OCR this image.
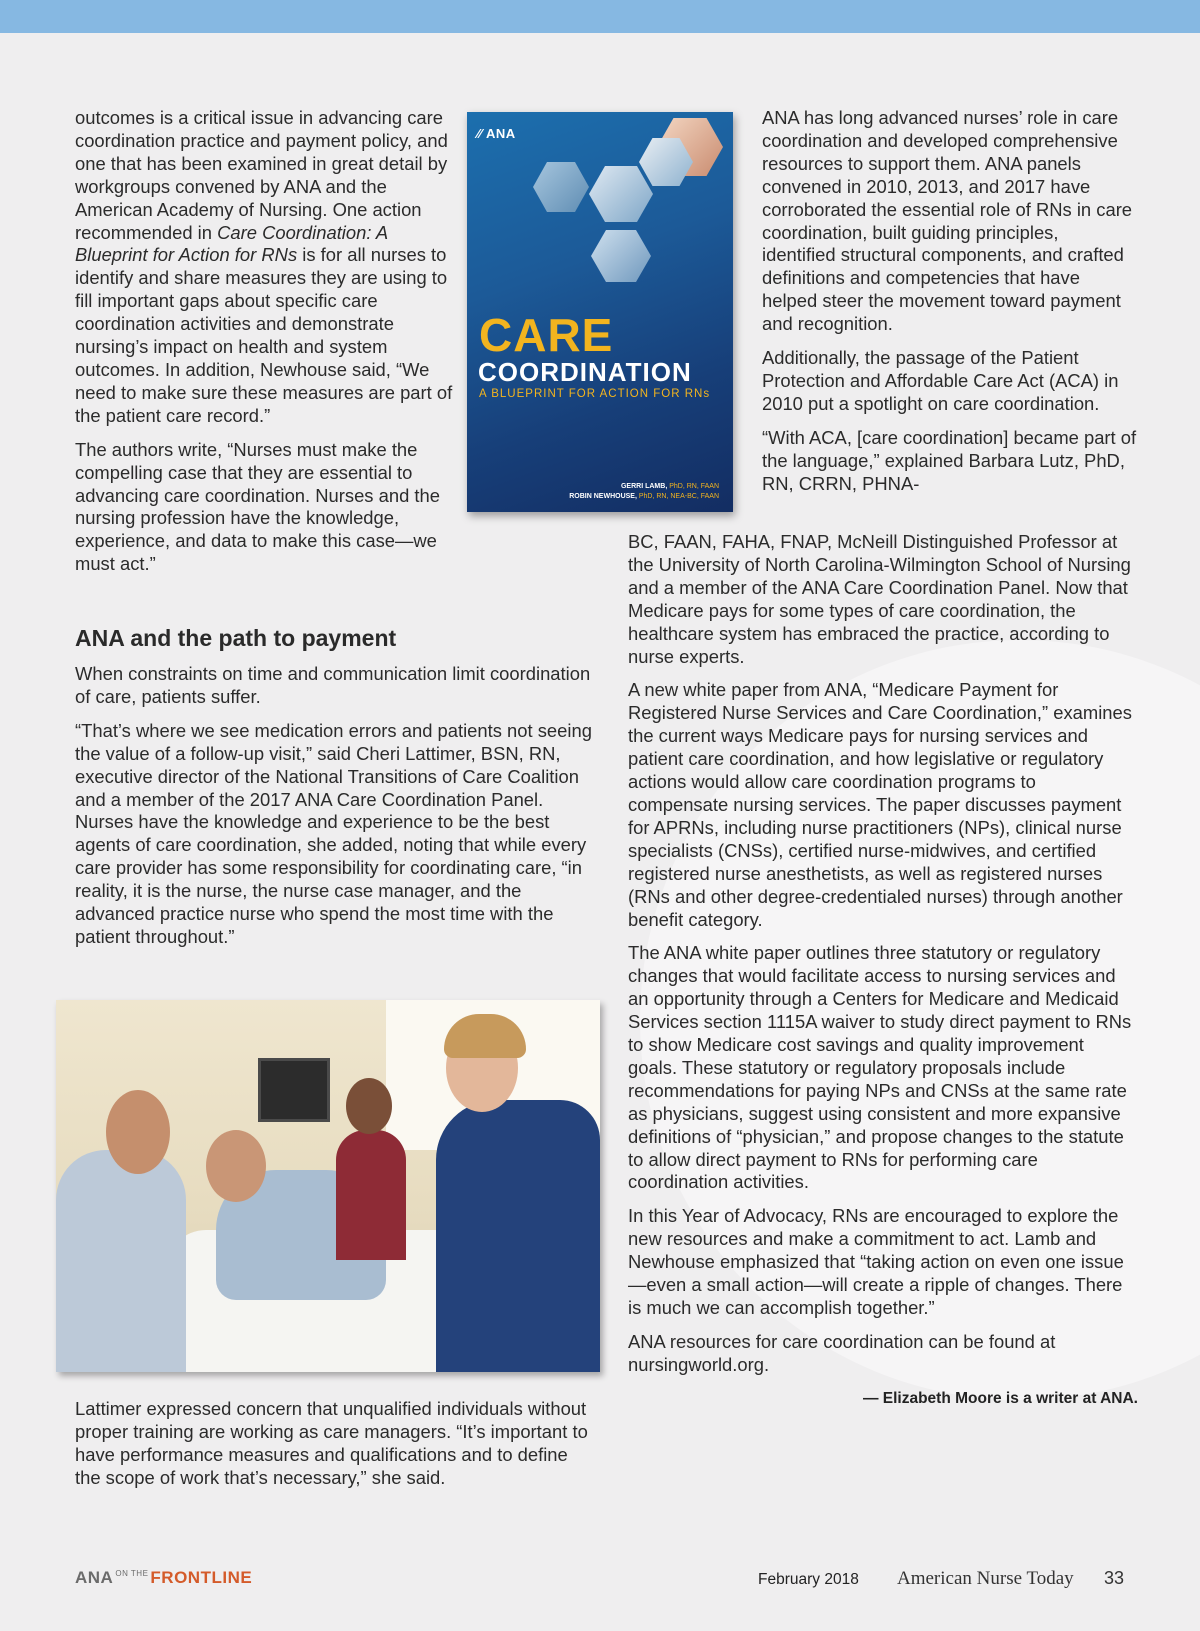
outcomes is a critical issue in advancing care coordination practice and payment policy, and one that has been examined in great detail by workgroups convened by ANA and the American Academy of Nursing. One action recommended in Care Coordination: A Blueprint for Action for RNs is for all nurses to identify and share measures they are using to fill important gaps about specific care coordination activities and demonstrate nursing’s impact on health and system outcomes. In addition, Newhouse said, “We need to make sure these measures are part of the patient care record.”

The authors write, “Nurses must make the compelling case that they are essential to advancing care coordination. Nurses and the nursing profession have the knowledge, experience, and data to make this case—we must act.”

⁄⁄ ANA
CARE
COORDINATION
A BLUEPRINT FOR ACTION FOR RNs
GERRI LAMB, PhD, RN, FAAN
ROBIN NEWHOUSE, PhD, RN, NEA-BC, FAAN

ANA has long advanced nurses’ role in care coordination and developed comprehensive resources to support them. ANA panels convened in 2010, 2013, and 2017 have corroborated the essential role of RNs in care coordination, built guiding principles, identified structural components, and crafted definitions and competencies that have helped steer the movement toward payment and recognition.

Additionally, the passage of the Patient Protection and Affordable Care Act (ACA) in 2010 put a spotlight on care coordination.

“With ACA, [care coordination] became part of the language,” explained Barbara Lutz, PhD, RN, CRRN, PHNA-

BC, FAAN, FAHA, FNAP, McNeill Distinguished Professor at the University of North Carolina-Wilmington School of Nursing and a member of the ANA Care Coordination Panel. Now that Medicare pays for some types of care coordination, the healthcare system has embraced the practice, according to nurse experts.

A new white paper from ANA, “Medicare Payment for Registered Nurse Services and Care Coordination,” examines the current ways Medicare pays for nursing services and patient care coordination, and how legislative or regulatory actions would allow care coordination programs to compensate nursing services. The paper discusses payment for APRNs, including nurse practitioners (NPs), clinical nurse specialists (CNSs), certified nurse-midwives, and certified registered nurse anesthetists, as well as registered nurses (RNs and other degree-credentialed nurses) through another benefit category.

The ANA white paper outlines three statutory or regulatory changes that would facilitate access to nursing services and an opportunity through a Centers for Medicare and Medicaid Services section 1115A waiver to study direct payment to RNs to show Medicare cost savings and quality improvement goals. These statutory or regulatory proposals include recommendations for paying NPs and CNSs at the same rate as physicians, suggest using consistent and more expansive definitions of “physician,” and propose changes to the statute to allow direct payment to RNs for performing care coordination activities.

In this Year of Advocacy, RNs are encouraged to explore the new resources and make a commitment to act. Lamb and Newhouse emphasized that “taking action on even one issue—even a small action—will create a ripple of changes. There is much we can accomplish together.”

ANA resources for care coordination can be found at nursingworld.org.

— Elizabeth Moore is a writer at ANA.
ANA and the path to payment

When constraints on time and communication limit coordination of care, patients suffer.

“That’s where we see medication errors and patients not seeing the value of a follow-up visit,” said Cheri Lattimer, BSN, RN, executive director of the National Transitions of Care Coalition and a member of the 2017 ANA Care Coordination Panel. Nurses have the knowledge and experience to be the best agents of care coordination, she added, noting that while every care provider has some responsibility for coordinating care, “in reality, it is the nurse, the nurse case manager, and the advanced practice nurse who spend the most time with the patient throughout.”

Lattimer expressed concern that unqualified individuals without proper training are working as care managers. “It’s important to have performance measures and qualifications and to define the scope of work that’s necessary,” she said.

ANA $^{ON THE}$ FRONTLINE	February 2018 American Nurse Today 33
